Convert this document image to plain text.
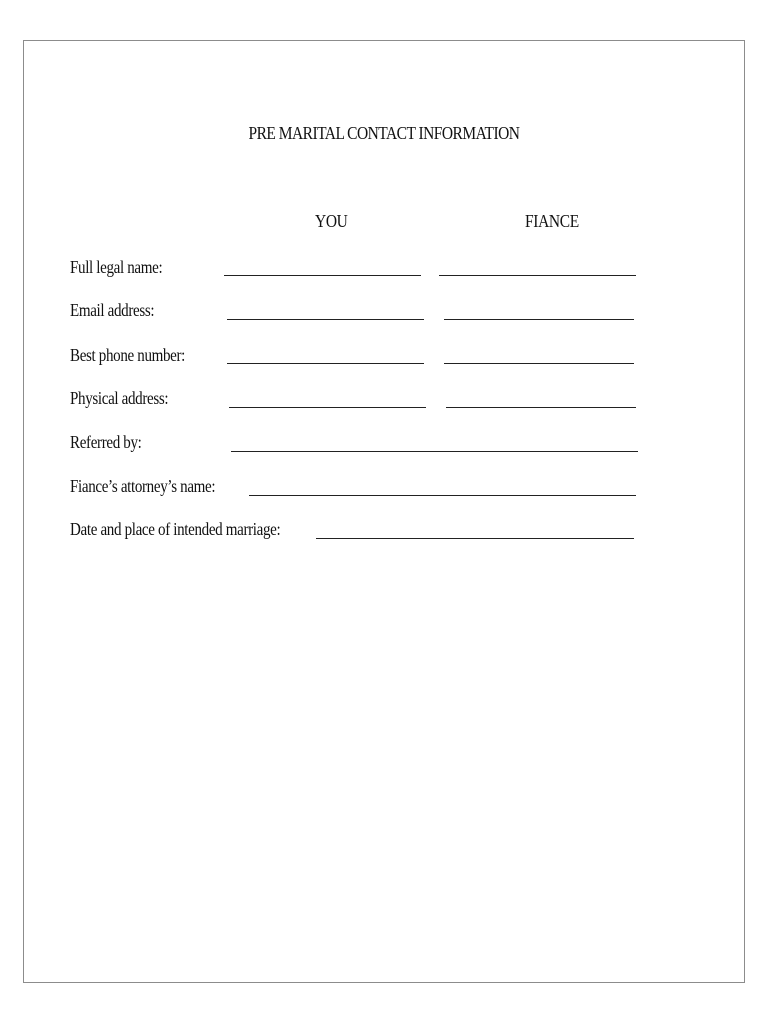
PRE MARITAL CONTACT INFORMATION
YOU	FIANCE
Full legal name:
Email address:
Best phone number:
Physical address:
Referred by:
Fiance’s attorney’s name:
Date and place of intended marriage:
